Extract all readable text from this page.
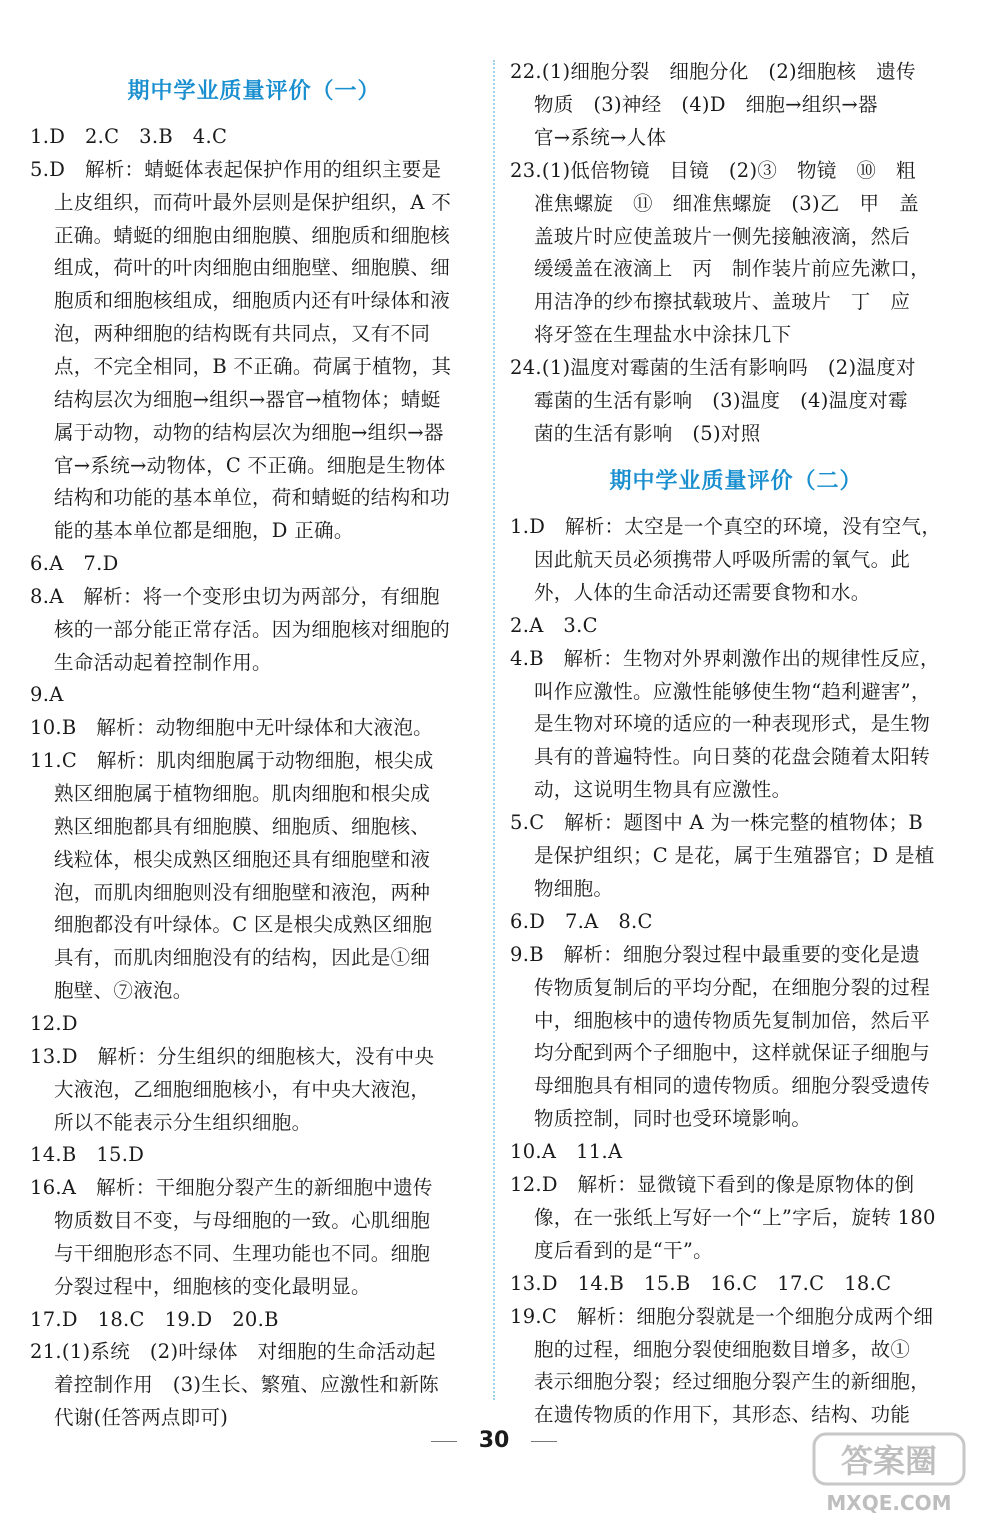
期中学业质量评价（一）
1.D　2.C　3.B　4.C
5.D　解析：蜻蜓体表起保护作用的组织主要是
上皮组织，而荷叶最外层则是保护组织，A 不
正确。蜻蜓的细胞由细胞膜、细胞质和细胞核
组成，荷叶的叶肉细胞由细胞壁、细胞膜、细
胞质和细胞核组成，细胞质内还有叶绿体和液
泡，两种细胞的结构既有共同点，又有不同
点，不完全相同，B 不正确。荷属于植物，其
结构层次为细胞→组织→器官→植物体；蜻蜓
属于动物，动物的结构层次为细胞→组织→器
官→系统→动物体，C 不正确。细胞是生物体
结构和功能的基本单位，荷和蜻蜓的结构和功
能的基本单位都是细胞，D 正确。
6.A　7.D
8.A　解析：将一个变形虫切为两部分，有细胞
核的一部分能正常存活。因为细胞核对细胞的
生命活动起着控制作用。
9.A
10.B　解析：动物细胞中无叶绿体和大液泡。
11.C　解析：肌肉细胞属于动物细胞，根尖成
熟区细胞属于植物细胞。肌肉细胞和根尖成
熟区细胞都具有细胞膜、细胞质、细胞核、
线粒体，根尖成熟区细胞还具有细胞壁和液
泡，而肌肉细胞则没有细胞壁和液泡，两种
细胞都没有叶绿体。C 区是根尖成熟区细胞
具有，而肌肉细胞没有的结构，因此是①细
胞壁、⑦液泡。
12.D
13.D　解析：分生组织的细胞核大，没有中央
大液泡，乙细胞细胞核小，有中央大液泡，
所以不能表示分生组织细胞。
14.B　15.D
16.A　解析：干细胞分裂产生的新细胞中遗传
物质数目不变，与母细胞的一致。心肌细胞
与干细胞形态不同、生理功能也不同。细胞
分裂过程中，细胞核的变化最明显。
17.D　18.C　19.D　20.B
21.(1)系统　(2)叶绿体　对细胞的生命活动起
着控制作用　(3)生长、繁殖、应激性和新陈
代谢(任答两点即可)
期中学业质量评价（二）
22.(1)细胞分裂　细胞分化　(2)细胞核　遗传
物质　(3)神经　(4)D　细胞→组织→器
官→系统→人体
23.(1)低倍物镜　目镜　(2)③　物镜　⑩　粗
准焦螺旋　⑪　细准焦螺旋　(3)乙　甲　盖
盖玻片时应使盖玻片一侧先接触液滴，然后
缓缓盖在液滴上　丙　制作装片前应先漱口，
用洁净的纱布擦拭载玻片、盖玻片　丁　应
将牙签在生理盐水中涂抹几下
24.(1)温度对霉菌的生活有影响吗　(2)温度对
霉菌的生活有影响　(3)温度　(4)温度对霉
菌的生活有影响　(5)对照
1.D　解析：太空是一个真空的环境，没有空气，
因此航天员必须携带人呼吸所需的氧气。此
外，人体的生命活动还需要食物和水。
2.A　3.C
4.B　解析：生物对外界刺激作出的规律性反应，
叫作应激性。应激性能够使生物“趋利避害”，
是生物对环境的适应的一种表现形式，是生物
具有的普遍特性。向日葵的花盘会随着太阳转
动，这说明生物具有应激性。
5.C　解析：题图中 A 为一株完整的植物体；B
是保护组织；C 是花，属于生殖器官；D 是植
物细胞。
6.D　7.A　8.C
9.B　解析：细胞分裂过程中最重要的变化是遗
传物质复制后的平均分配，在细胞分裂的过程
中，细胞核中的遗传物质先复制加倍，然后平
均分配到两个子细胞中，这样就保证子细胞与
母细胞具有相同的遗传物质。细胞分裂受遗传
物质控制，同时也受环境影响。
10.A　11.A
12.D　解析：显微镜下看到的像是原物体的倒
像，在一张纸上写好一个“上”字后，旋转 180
度后看到的是“干”。
13.D　14.B　15.B　16.C　17.C　18.C
19.C　解析：细胞分裂就是一个细胞分成两个细
胞的过程，细胞分裂使细胞数目增多，故①
表示细胞分裂；经过细胞分裂产生的新细胞，
在遗传物质的作用下，其形态、结构、功能
30
答案圈
MXQE.COM
